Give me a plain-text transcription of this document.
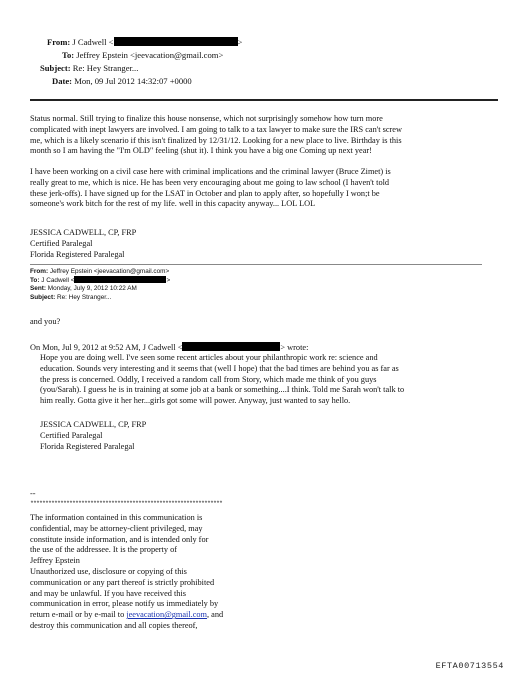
From: J Cadwell <	>
To: Jeffrey Epstein <jeevacation@gmail.com>
Subject: Re: Hey Stranger...
Date: Mon, 09 Jul 2012 14:32:07 +0000

Status normal. Still trying to finalize this house nonsense, which not surprisingly somehow how turn more

complicated with inept lawyers are involved. I am going to talk to a tax lawyer to make sure the IRS can't screw

me, which is a likely scenario if this isn't finalized by 12/31/12. Looking for a new place to live. Birthday is this

month so I am having the "I'm OLD" feeling (shut it). I think you have a big one Coming up next year!

I have been working on a civil case here with criminal implications and the criminal lawyer (Bruce Zimet) is

really great to me, which is nice. He has been very encouraging about me going to law school (I haven't told

these jerk-offs). I have signed up for the LSAT in October and plan to apply after, so hopefully I won;t be

someone's work bitch for the rest of my life. well in this capacity anyway... LOL LOL

JESSICA CADWELL, CP, FRP

Certified Paralegal

Florida Registered Paralegal

From: Jeffrey Epstein <jeevacation@gmail.com>
To: J Cadwell <	>
Sent: Monday, July 9, 2012 10:22 AM
Subject: Re: Hey Stranger...
and you?
On Mon, Jul 9, 2012 at 9:52 AM, J Cadwell <	> wrote:

Hope you are doing well. I've seen some recent articles about your philanthropic work re: science and

education. Sounds very interesting and it seems that (well I hope) that the bad times are behind you as far as

the press is concerned. Oddly, I received a random call from Story, which made me think of you guys

(you/Sarah). I guess he is in training at some job at a bank or something....I think. Told me Sarah won't talk to

him really. Gotta give it her her...girls got some will power. Anyway, just wanted to say hello.

JESSICA CADWELL, CP, FRP

Certified Paralegal

Florida Registered Paralegal

--
****************************************************************

The information contained in this communication is

confidential, may be attorney-client privileged, may

constitute inside information, and is intended only for

the use of the addressee. It is the property of

Jeffrey Epstein

Unauthorized use, disclosure or copying of this

communication or any part thereof is strictly prohibited

and may be unlawful. If you have received this

communication in error, please notify us immediately by

return e-mail or by e-mail to jeevacation@gmail.com, and

destroy this communication and all copies thereof,

EFTA00713554
